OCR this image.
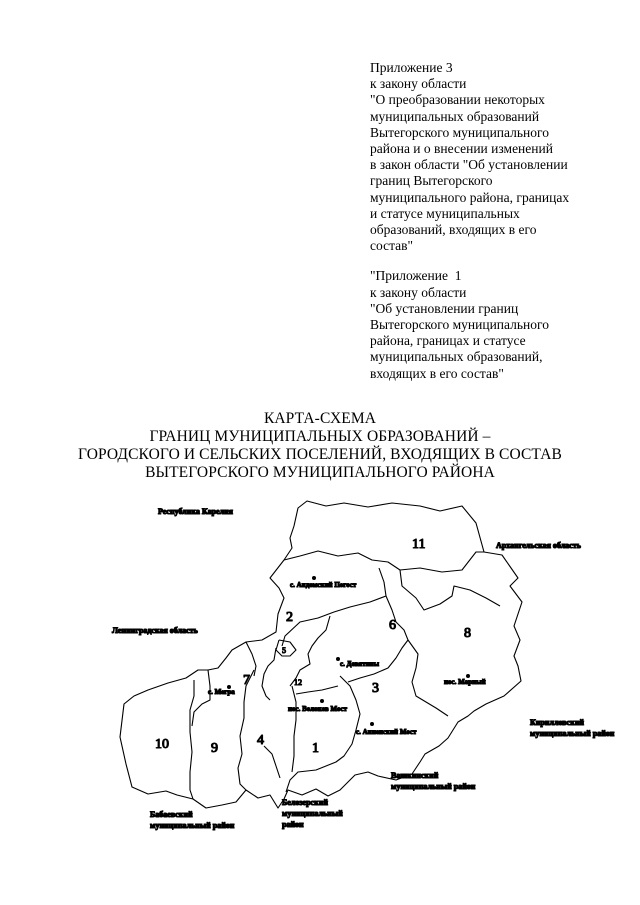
Приложение 3
к закону области
"О преобразовании некоторых
муниципальных образований
Вытегорского муниципального
района и о внесении изменений
в закон области "Об установлении
границ Вытегорского
муниципального района, границах
и статусе муниципальных
образований, входящих в его
состав"
"Приложение  1
к закону области
"Об установлении границ
Вытегорского муниципального
района, границах и статусе
муниципальных образований,
входящих в его состав"
КАРТА-СХЕМА
ГРАНИЦ МУНИЦИПАЛЬНЫХ ОБРАЗОВАНИЙ –
ГОРОДСКОГО И СЕЛЬСКИХ ПОСЕЛЕНИЙ, ВХОДЯЩИХ В СОСТАВ
ВЫТЕГОРСКОГО МУНИЦИПАЛЬНОГО РАЙОНА
Республика Карелия
Архангельская область
Ленинградская область
Кирилловский
муниципальный район
Вашкинский
муниципальный район
Белозерский
муниципальный
район
Бабаевский
муниципальный район
с. Андомский Погост
с. Девятины
с. Мегра
пос. Волоков Мост
с. Анненский Мост
пос. Марный
11
2
6
8
5
7	12	3
4
10	9	1
